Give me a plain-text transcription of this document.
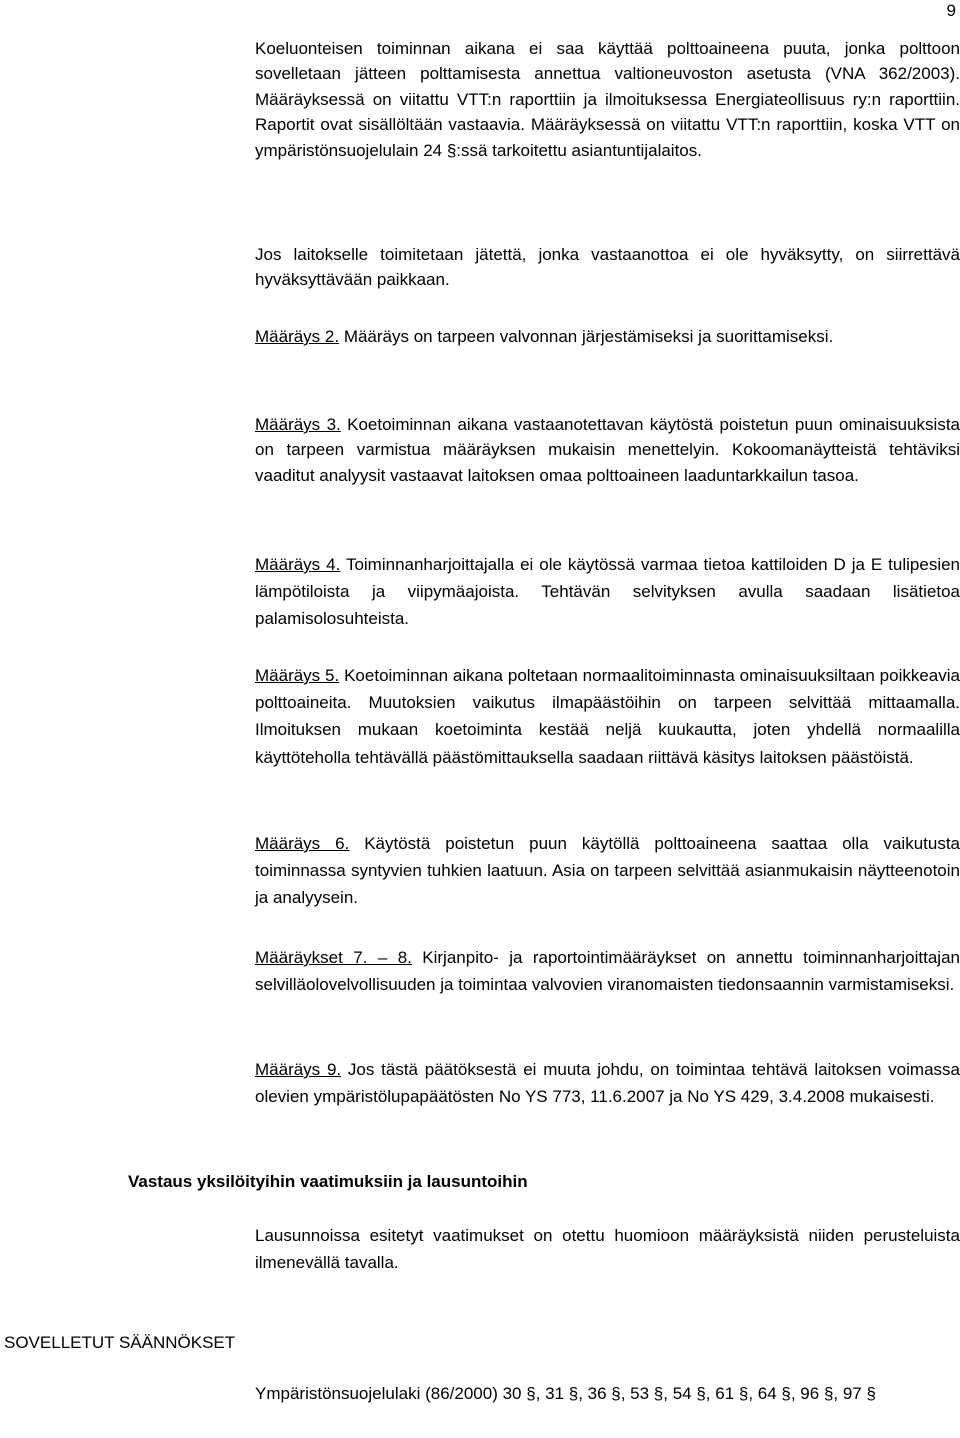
9

Koeluonteisen toiminnan aikana ei saa käyttää polttoaineena puuta, jonka polttoon sovelletaan jätteen polttamisesta annettua valtioneuvoston asetusta (VNA 362/2003). Määräyksessä on viitattu VTT:n raporttiin ja ilmoituksessa Energiateollisuus ry:n raporttiin. Raportit ovat sisällöltään vastaavia. Määräyksessä on viitattu VTT:n raporttiin, koska VTT on ympäristönsuojelulain 24 §:ssä tarkoitettu asiantuntijalaitos.

Jos laitokselle toimitetaan jätettä, jonka vastaanottoa ei ole hyväksytty, on siirrettävä hyväksyttävään paikkaan.

Määräys 2. Määräys on tarpeen valvonnan järjestämiseksi ja suorittamiseksi.

Määräys 3. Koetoiminnan aikana vastaanotettavan käytöstä poistetun puun ominaisuuksista on tarpeen varmistua määräyksen mukaisin menettelyin. Kokoomanäytteistä tehtäviksi vaaditut analyysit vastaavat laitoksen omaa polttoaineen laaduntarkkailun tasoa.

Määräys 4. Toiminnanharjoittajalla ei ole käytössä varmaa tietoa kattiloiden D ja E tulipesien lämpötiloista ja viipymäajoista. Tehtävän selvityksen avulla saadaan lisätietoa palamisolosuhteista.

Määräys 5. Koetoiminnan aikana poltetaan normaalitoiminnasta ominaisuuksiltaan poikkeavia polttoaineita. Muutoksien vaikutus ilmapäästöihin on tarpeen selvittää mittaamalla. Ilmoituksen mukaan koetoiminta kestää neljä kuukautta, joten yhdellä normaalilla käyttöteholla tehtävällä päästömittauksella saadaan riittävä käsitys laitoksen päästöistä.

Määräys 6. Käytöstä poistetun puun käytöllä polttoaineena saattaa olla vaikutusta toiminnassa syntyvien tuhkien laatuun. Asia on tarpeen selvittää asianmukaisin näytteenotoin ja analyysein.

Määräykset 7. – 8. Kirjanpito- ja raportointimääräykset on annettu toiminnanharjoittajan selvilläolovelvollisuuden ja toimintaa valvovien viranomaisten tiedonsaannin varmistamiseksi.

Määräys 9. Jos tästä päätöksestä ei muuta johdu, on toimintaa tehtävä laitoksen voimassa olevien ympäristölupapäätösten No YS 773, 11.6.2007 ja No YS 429, 3.4.2008 mukaisesti.

Vastaus yksilöityihin vaatimuksiin ja lausuntoihin

Lausunnoissa esitetyt vaatimukset on otettu huomioon määräyksistä niiden perusteluista ilmenevällä tavalla.

SOVELLETUT SÄÄNNÖKSET

Ympäristönsuojelulaki (86/2000) 30 §, 31 §, 36 §, 53 §, 54 §, 61 §, 64 §, 96 §, 97 §
